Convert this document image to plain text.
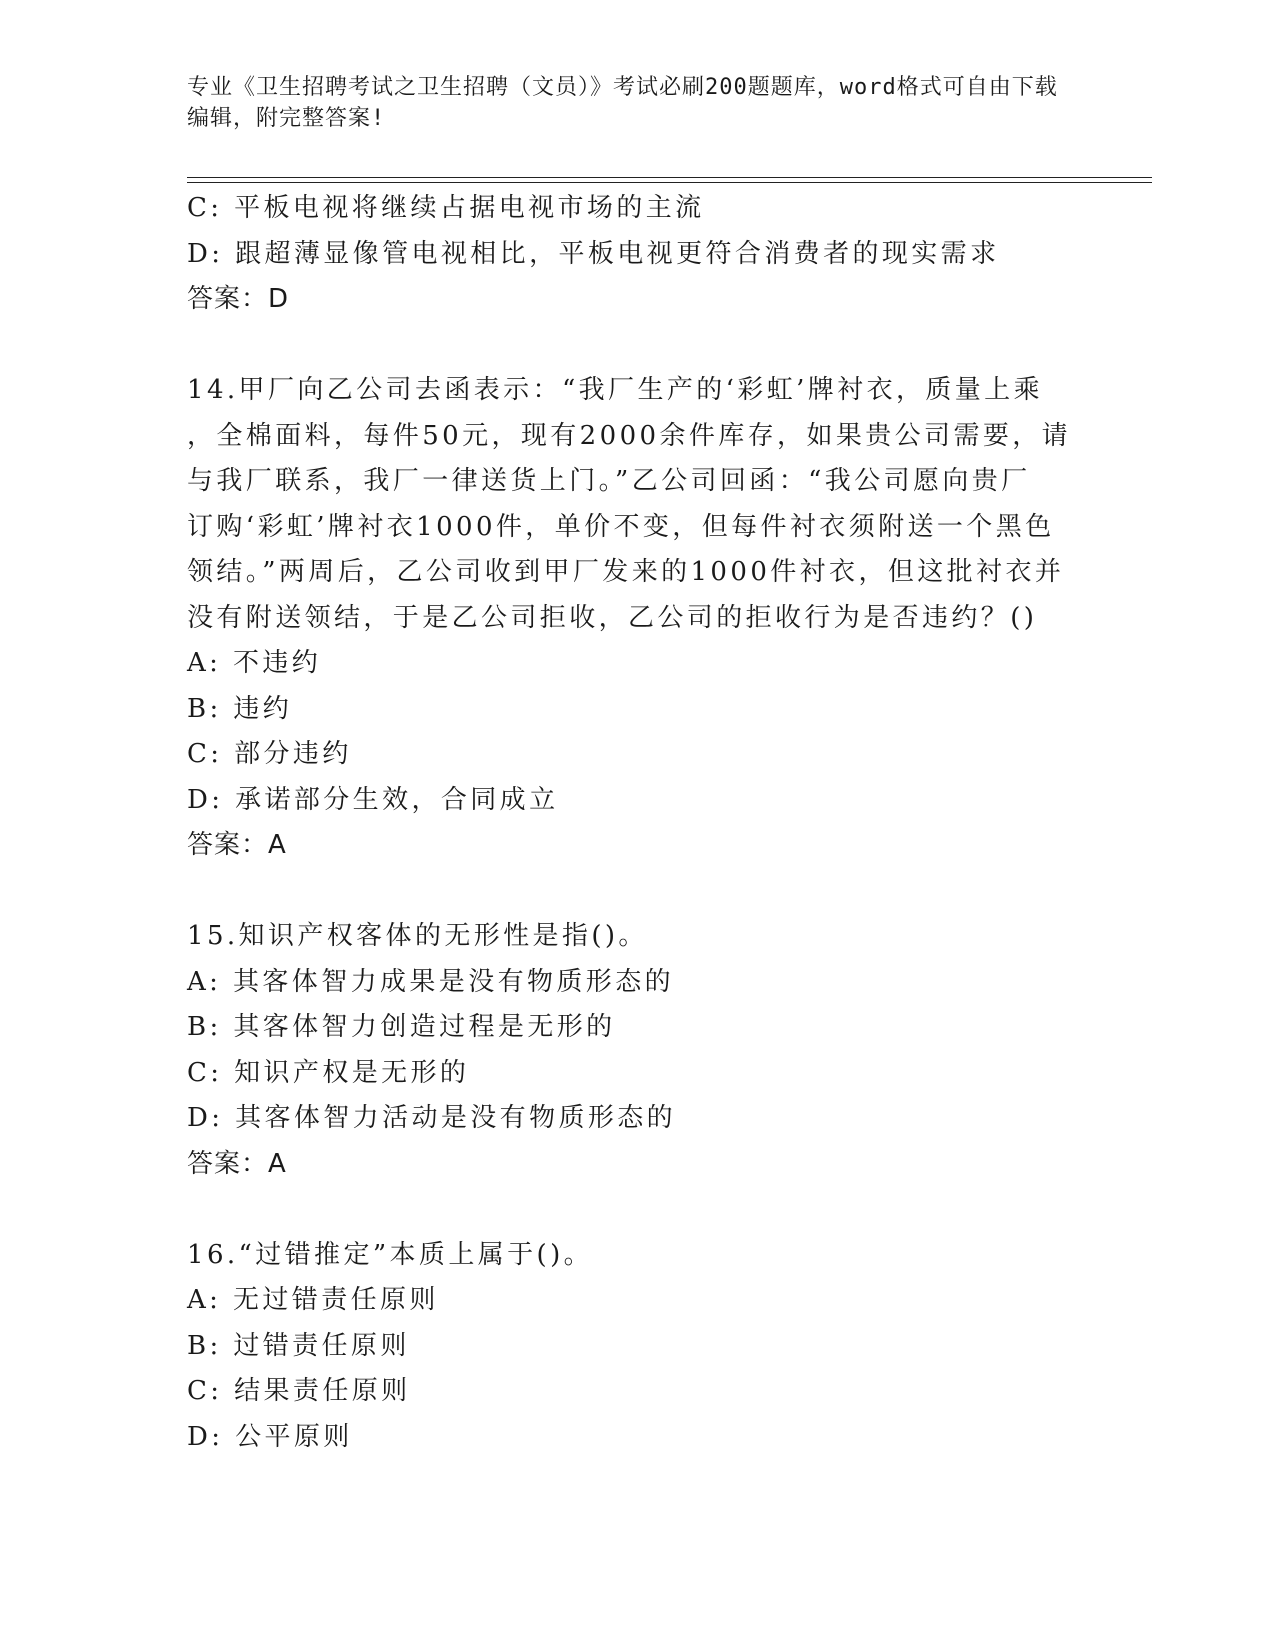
专业《卫生招聘考试之卫生招聘（文员）》考试必刷200题题库，word格式可自由下载编辑，附完整答案!

C: 平板电视将继续占据电视市场的主流

D: 跟超薄显像管电视相比，平板电视更符合消费者的现实需求

答案：D

14.甲厂向乙公司去函表示：“我厂生产的‘彩虹’牌衬衣，质量上乘

，全棉面料，每件50元，现有2000余件库存，如果贵公司需要，请

与我厂联系，我厂一律送货上门。”乙公司回函：“我公司愿向贵厂

订购‘彩虹’牌衬衣1000件，单价不变，但每件衬衣须附送一个黑色

领结。”两周后，乙公司收到甲厂发来的1000件衬衣，但这批衬衣并

没有附送领结，于是乙公司拒收，乙公司的拒收行为是否违约？()

A: 不违约

B: 违约

C: 部分违约

D: 承诺部分生效，合同成立

答案：A

15.知识产权客体的无形性是指()。

A: 其客体智力成果是没有物质形态的

B: 其客体智力创造过程是无形的

C: 知识产权是无形的

D: 其客体智力活动是没有物质形态的

答案：A

16.“过错推定”本质上属于()。

A: 无过错责任原则

B: 过错责任原则

C: 结果责任原则

D: 公平原则
